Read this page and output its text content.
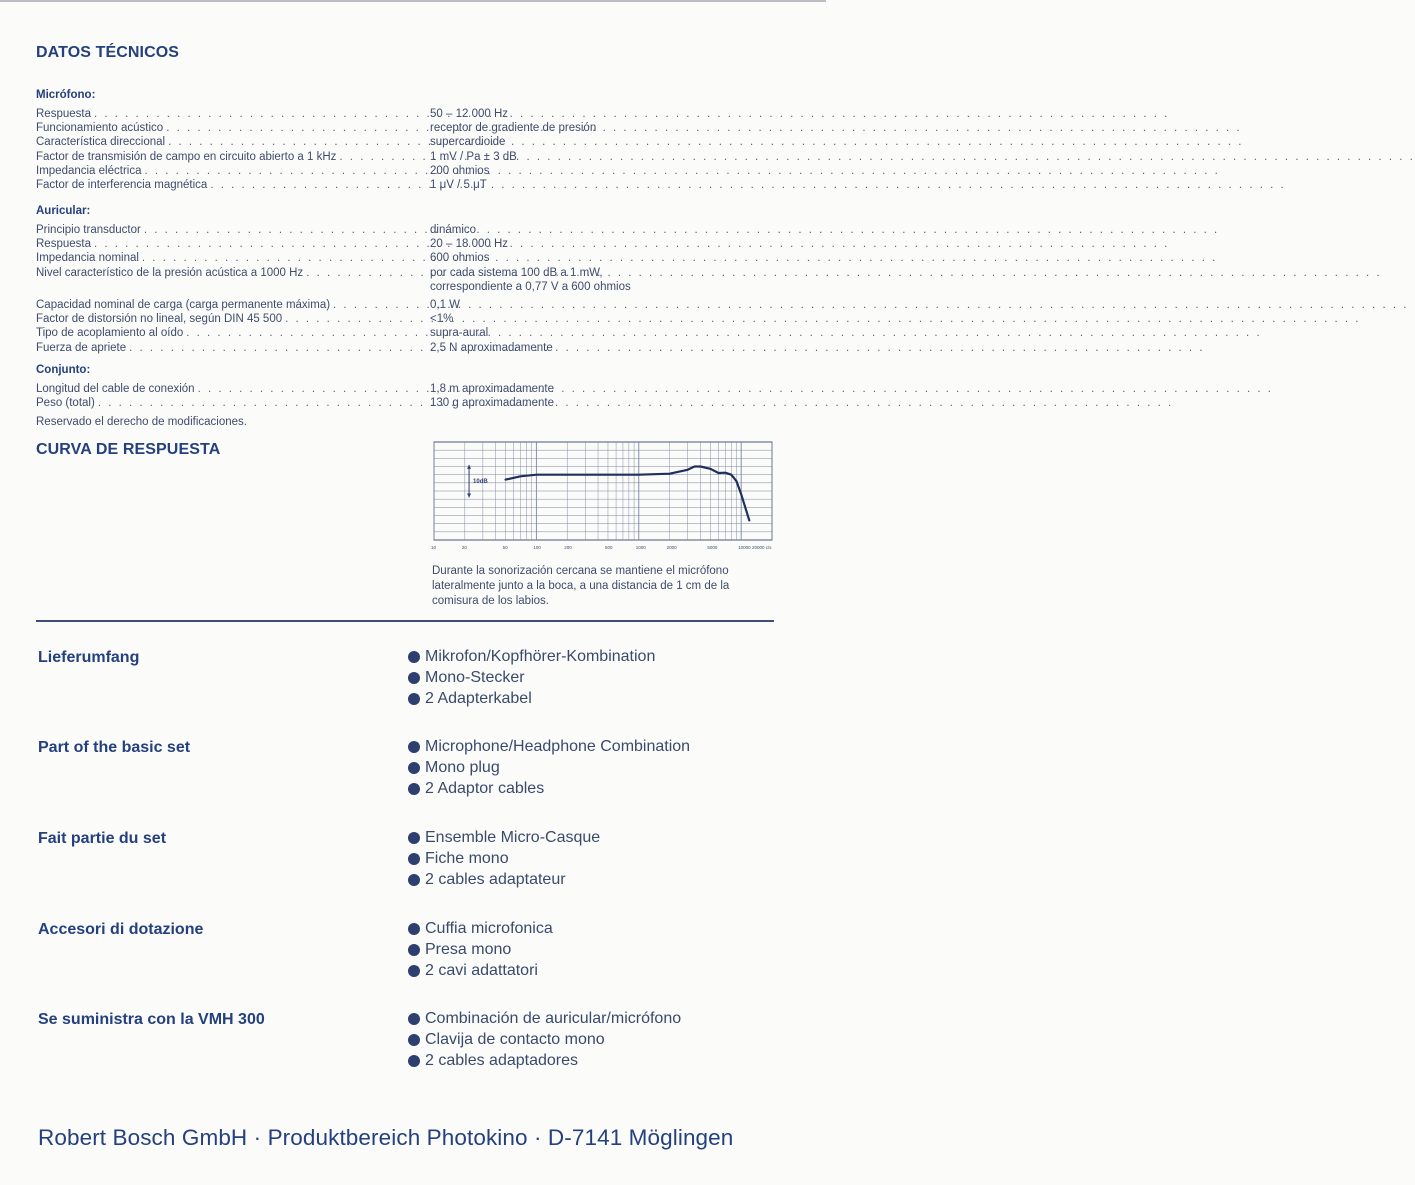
DATOS TÉCNICOS
Micrófono:
Respuesta . . .	50 – 12 000 Hz
Funcionamiento acústico . . .	receptor de gradiente de presión
Característica direccional . . .	supercardioide
Factor de transmisión de campo en circuito abierto a 1 kHz . . .	1 mV / Pa ± 3 dB
Impedancia eléctrica . . .	200 ohmios
Factor de interferencia magnética . . .	1 μV / 5 μT
Auricular:
Principio transductor . . .	dinámico
Respuesta . . .	20 – 18 000 Hz
Impedancia nominal . . .	600 ohmios
Nivel característico de la presión acústica a 1000 Hz . . .	por cada sistema 100 dB a 1 mW,
correspondiente a 0,77 V a 600 ohmios
Capacidad nominal de carga (carga permanente máxima) . . .	0,1 W
Factor de distorsión no lineal, según DIN 45 500 . . .	<1%
Tipo de acoplamiento al oído . . .	supra-aural
Fuerza de apriete . . .	2,5 N aproximadamente
Conjunto:
Longitud del cable de conexión . . .	1,8 m aproximadamente
Peso (total) . . .	130 g aproximadamente
Reservado el derecho de modificaciones.
CURVA DE RESPUESTA
10	20	50	100	200	500	1000	2000	5000	10000 20000 c/s
10dB
Durante la sonorización cercana se mantiene el micrófono lateralmente junto a la boca, a una distancia de 1 cm de la comisura de los labios.
Lieferumfang	Mikrofon/Kopfhörer-Kombination
Mono-Stecker
2 Adapterkabel
Part of the basic set	Microphone/Headphone Combination
Mono plug
2 Adaptor cables
Fait partie du set	Ensemble Micro-Casque
Fiche mono
2 cables adaptateur
Accesori di dotazione	Cuffia microfonica
Presa mono
2 cavi adattatori
Se suministra con la VMH 300	Combinación de auricular/micrófono
Clavija de contacto mono
2 cables adaptadores
Robert Bosch GmbH · Produktbereich Photokino · D-7141 Möglingen
